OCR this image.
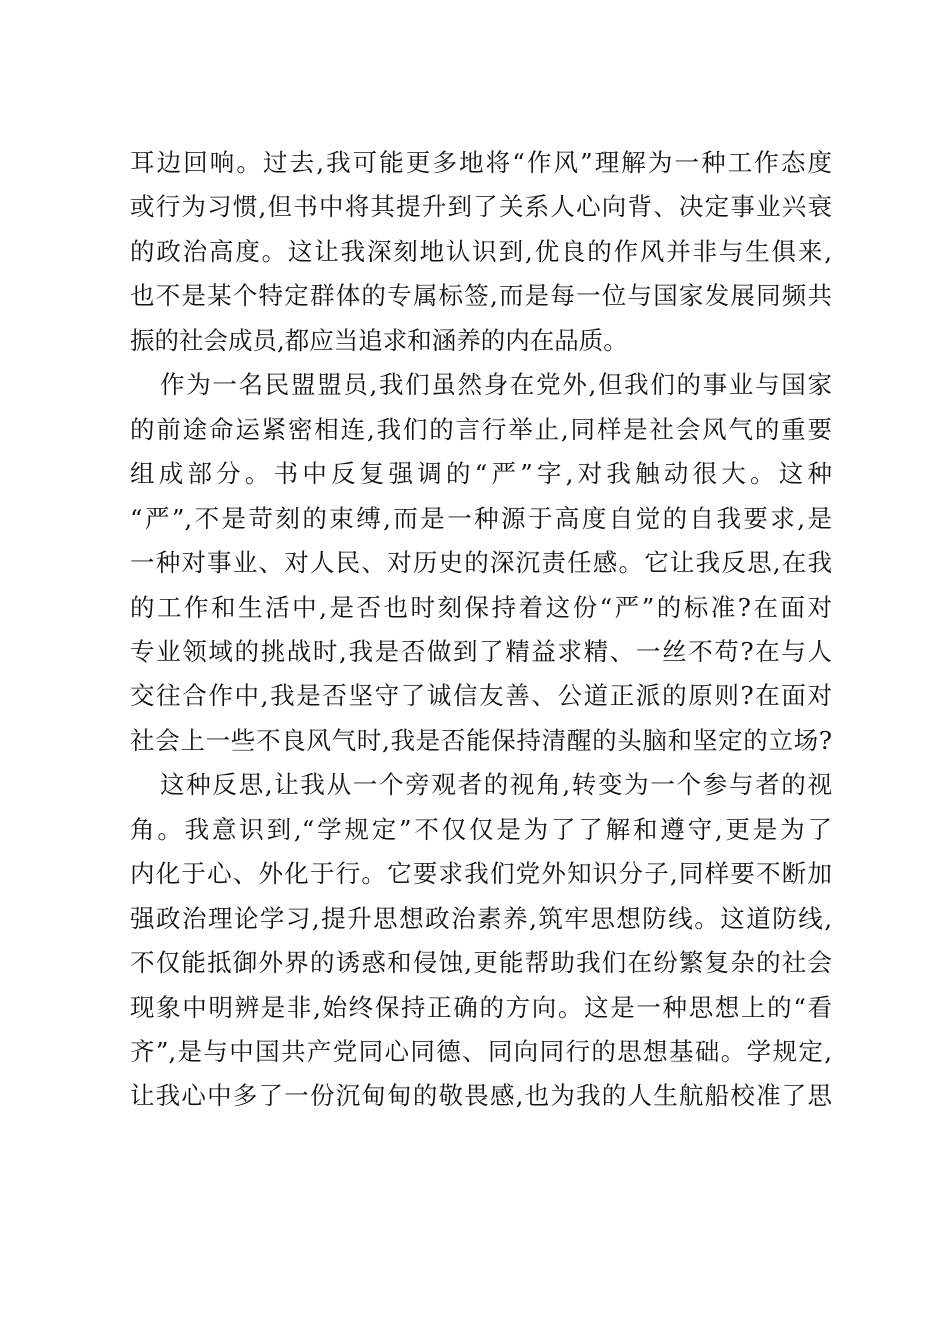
耳边回响。过去,我可能更多地将“作风”理解为一种工作态度
或行为习惯,但书中将其提升到了关系人心向背、决定事业兴衰
的政治高度。这让我深刻地认识到,优良的作风并非与生俱来,
也不是某个特定群体的专属标签,而是每一位与国家发展同频共
振的社会成员,都应当追求和涵养的内在品质。
作为一名民盟盟员,我们虽然身在党外,但我们的事业与国家
的前途命运紧密相连,我们的言行举止,同样是社会风气的重要
组成部分。书中反复强调的“严”字,对我触动很大。这种
“严”,不是苛刻的束缚,而是一种源于高度自觉的自我要求,是
一种对事业、对人民、对历史的深沉责任感。它让我反思,在我
的工作和生活中,是否也时刻保持着这份“严”的标准?在面对
专业领域的挑战时,我是否做到了精益求精、一丝不苟?在与人
交往合作中,我是否坚守了诚信友善、公道正派的原则?在面对
社会上一些不良风气时,我是否能保持清醒的头脑和坚定的立场?
这种反思,让我从一个旁观者的视角,转变为一个参与者的视
角。我意识到,“学规定”不仅仅是为了了解和遵守,更是为了
内化于心、外化于行。它要求我们党外知识分子,同样要不断加
强政治理论学习,提升思想政治素养,筑牢思想防线。这道防线,
不仅能抵御外界的诱惑和侵蚀,更能帮助我们在纷繁复杂的社会
现象中明辨是非,始终保持正确的方向。这是一种思想上的“看
齐”,是与中国共产党同心同德、同向同行的思想基础。学规定,
让我心中多了一份沉甸甸的敬畏感,也为我的人生航船校准了思
